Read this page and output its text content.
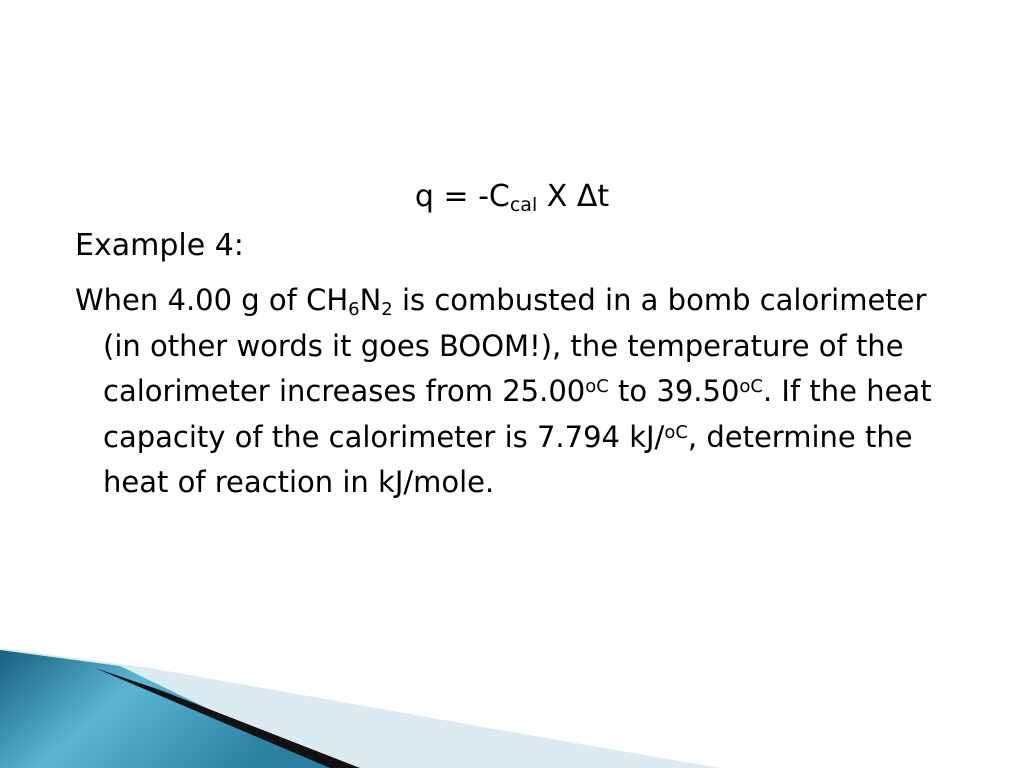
$q = -C_{cal}$ X Δt
Example 4:
When 4.00 g of $CH_6N_2$ is combusted in a bomb calorimeter (in other words it goes BOOM!), the temperature of the calorimeter increases from $25.00^{oC}$ to $39.50^{oC}$. If the heat capacity of the calorimeter is 7.794 kJ/$^{oC}$, determine the heat of reaction in kJ/mole.
